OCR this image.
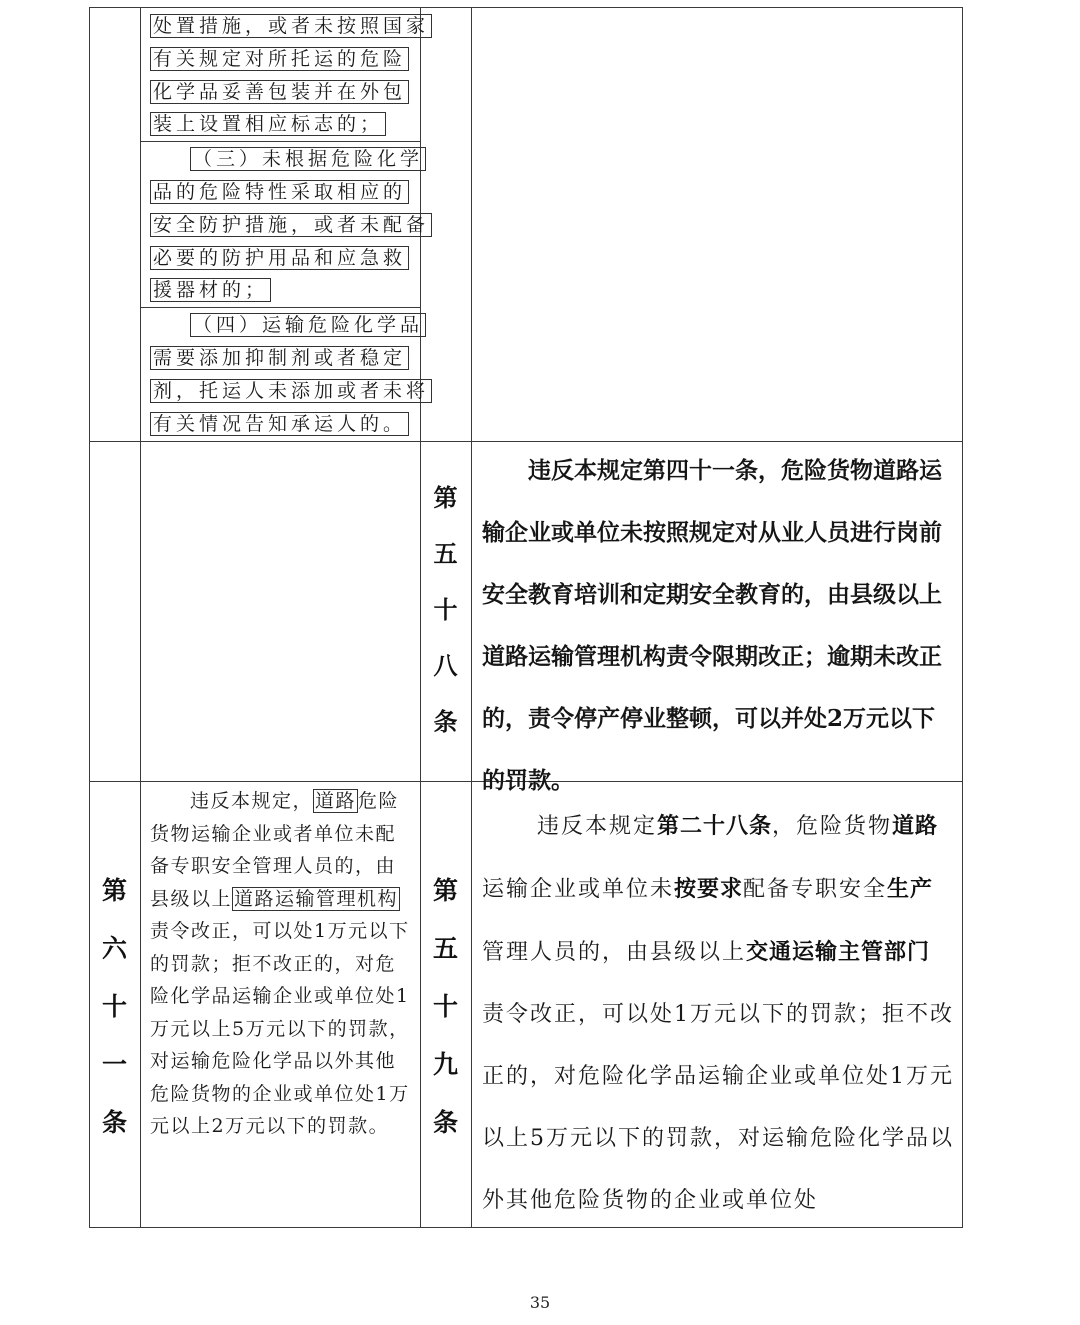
处置措施，或者未按照国家
有关规定对所托运的危险
化学品妥善包装并在外包
装上设置相应标志的；
（三）未根据危险化学
品的危险特性采取相应的
安全防护措施，或者未配备
必要的防护用品和应急救
援器材的；
（四）运输危险化学品
需要添加抑制剂或者稳定
剂，托运人未添加或者未将
有关情况告知承运人的。
第
五
十
八
条

违反本规定第四十一条，危险货物道路运输企业或单位未按照规定对从业人员进行岗前安全教育培训和定期安全教育的，由县级以上道路运输管理机构责令限期改正；逾期未改正的，责令停产停业整顿，可以并处2万元以下的罚款。

第
六
十
一
条
违反本规定， 道路 危险货物运输企业或者单位未配备专职安全管理人员的，由县级以上 道路运输管理机构责令改正，可以处1万元以下的罚款；拒不改正的，对危险化学品运输企业或单位处1万元以上5万元以下的罚款，对运输危险化学品以外其他危险货物的企业或单位处1万元以上2万元以下的罚款。
第
五
十
九
条
违反本规定第二十八条，危险货物道路运输企业或单位未按要求配备专职安全生产管理人员的，由县级以上交通运输主管部门责令改正，可以处1万元以下的罚款；拒不改正的，对危险化学品运输企业或单位处1万元以上5万元以下的罚款，对运输危险化学品以外其他危险货物的企业或单位处
35
